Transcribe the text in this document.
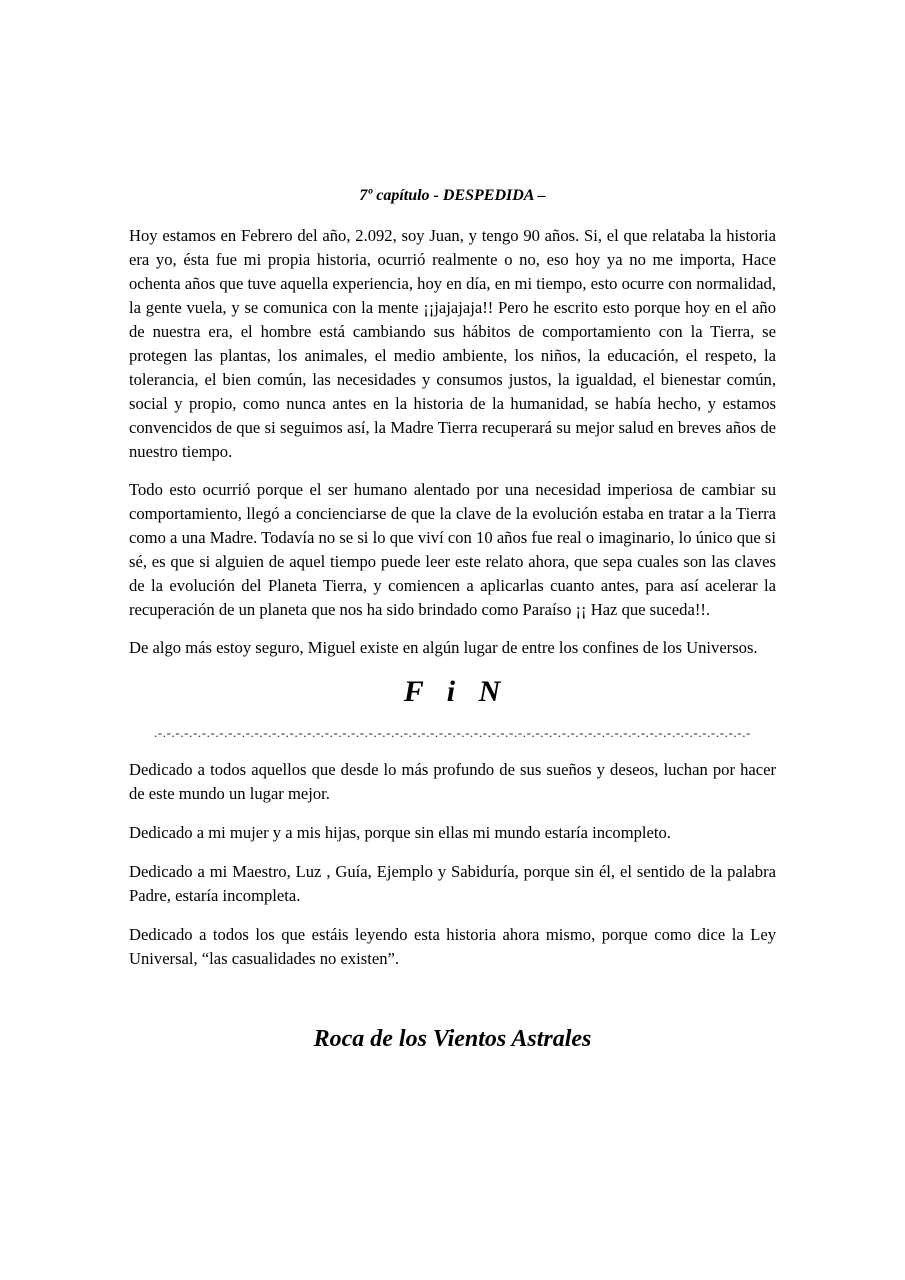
7º capítulo - DESPEDIDA –

Hoy estamos en Febrero del año, 2.092, soy Juan, y tengo 90 años. Si, el que relataba la historia era yo, ésta fue mi propia historia, ocurrió realmente o no, eso hoy ya no me importa, Hace ochenta años que tuve aquella experiencia, hoy en día, en mi tiempo, esto ocurre con normalidad, la gente vuela, y se comunica con la mente ¡¡jajajaja!! Pero he escrito esto porque hoy en el año de nuestra era, el hombre está cambiando sus hábitos de comportamiento con la Tierra, se protegen las plantas, los animales, el medio ambiente, los niños, la educación, el respeto, la tolerancia, el bien común, las necesidades y consumos justos, la igualdad, el bienestar común, social y propio, como nunca antes en la historia de la humanidad, se había hecho, y estamos convencidos de que si seguimos así, la Madre Tierra recuperará su mejor salud en breves años de nuestro tiempo.

Todo esto ocurrió porque el ser humano alentado por una necesidad imperiosa de cambiar su comportamiento, llegó a concienciarse de que la clave de la evolución estaba en tratar a la Tierra como a una Madre. Todavía no se si lo que viví con 10 años fue real o imaginario, lo único que si sé, es que si alguien de aquel tiempo puede leer este relato ahora, que sepa cuales son las claves de la evolución del Planeta Tierra, y comiencen a aplicarlas cuanto antes, para así acelerar la recuperación de un planeta que nos ha sido brindado como Paraíso ¡¡ Haz que suceda!!.

De algo más estoy seguro, Miguel existe en algún lugar de entre los confines de los Universos.

F i N
.-.-.-.-.-.-.-.-.-.-.-.-.-.-.-.-.-.-.-.-.-.-.-.-.-.-.-.-.-.-.-.-.-.-.-.-.-.-.-.-.-.-.-.-.-.-.-.-.-.-.-.-.-.-.-.-.-.-.-.-.-.-.-.-.-.-.-.-

Dedicado a todos aquellos que desde lo más profundo de sus sueños y deseos, luchan por hacer de este mundo un lugar mejor.

Dedicado a mi mujer y a mis hijas, porque sin ellas mi mundo estaría incompleto.

Dedicado a mi Maestro, Luz , Guía, Ejemplo y Sabiduría, porque sin él, el sentido de la palabra Padre, estaría incompleta.

Dedicado a todos los que estáis leyendo esta historia ahora mismo, porque como dice la Ley Universal, “las casualidades no existen”.

Roca de los Vientos Astrales
